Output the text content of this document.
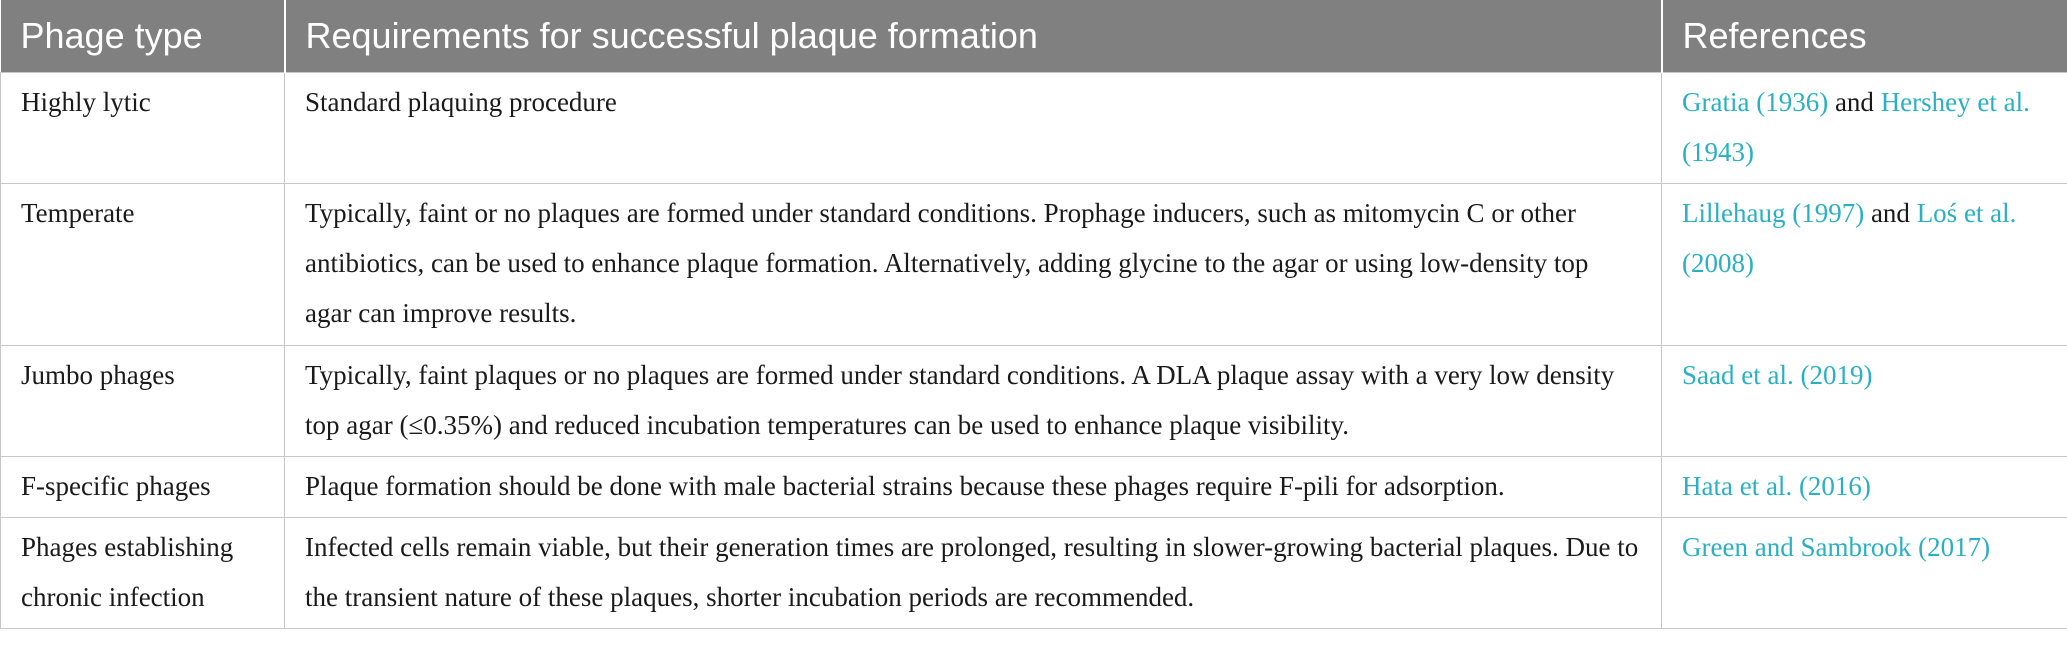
Phage type	Requirements for successful plaque formation	References
Highly lytic	Standard plaquing procedure	Gratia (1936) and Hershey et al. (1943)
Temperate	Typically, faint or no plaques are formed under standard conditions. Prophage inducers, such as mitomycin C or other antibiotics, can be used to enhance plaque formation. Alternatively, adding glycine to the agar or using low-density top agar can improve results.	Lillehaug (1997) and Loś et al. (2008)
Jumbo phages	Typically, faint plaques or no plaques are formed under standard conditions. A DLA plaque assay with a very low density top agar (≤0.35%) and reduced incubation temperatures can be used to enhance plaque visibility.	Saad et al. (2019)
F-specific phages	Plaque formation should be done with male bacterial strains because these phages require F-pili for adsorption.	Hata et al. (2016)
Phages establishing chronic infection	Infected cells remain viable, but their generation times are prolonged, resulting in slower-growing bacterial plaques. Due to the transient nature of these plaques, shorter incubation periods are recommended.	Green and Sambrook (2017)
